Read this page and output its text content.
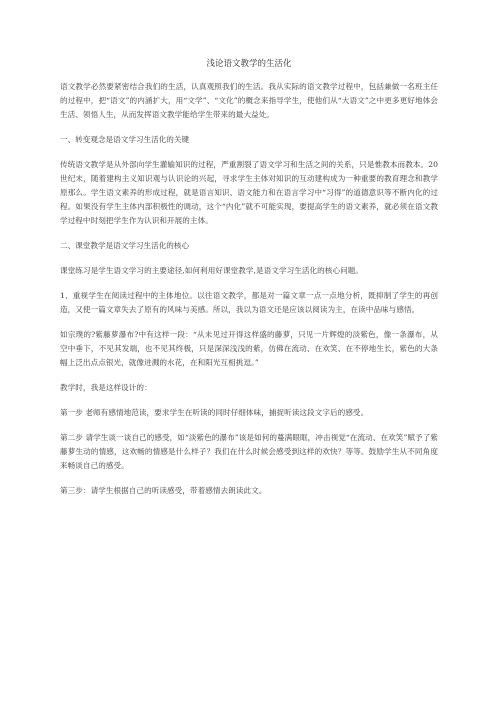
浅论语文教学的生活化

语文教学必然要紧密结合我们的生活，认真观照我们的生活。我从实际的语文教学过程中，包括兼做一名班主任的过程中，把“语文”的内涵扩大，用“文学”、“文化”的概念来指导学生，使他们从“大语文”之中更多更好地体会生活、领悟人生，从而发挥语文教学能给学生带来的最大益处。

一、转变观念是语文学习生活化的关键

传统语文教学是从外部向学生灌输知识的过程，严重割裂了语文学习和生活之间的关系，只是惟教本而教本。20 世纪末，随着建构主义知识观与认识论的兴起，寻求学生主体对知识的互动建构成为一种重要的教育理念和教学原那么。学生语文素养的形成过程，就是语言知识、语文能力和在语言学习中“习得”的道德意识等不断内化的过程。如果没有学生主体内部积极性的调动，这个“内化”就不可能实现，要提高学生的语文素养，就必须在语文教学过程中时刻把学生作为认识和开展的主体。

二、课堂教学是语文学习生活化的核心

课堂练习是学生语文学习的主要途径,如何利用好课堂教学,是语文学习生活化的核心问题。

1、重视学生在阅读过程中的主体地位。以往语文教学，都是对一篇文章一点一点地分析，既抑制了学生的再创造，又使一篇文章失去了原有的风味与美感。所以，我以为语文还是应该以阅读为主，在读中品味与感悟。

如宗璞的?紫藤萝瀑布?中有这样一段：“从未见过开得这样盛的藤萝，只见一片辉煌的淡紫色，像一条瀑布，从空中垂下，不见其发端，也不见其终极，只是深深浅浅的紫，仿佛在流动、在欢笑、在不停地生长，紫色的大条幅上泛出点点银光，就像迸溅的水花，在和阳光互相挑逗。”

教学时，我是这样设计的：

第一步 老师有感情地范读，要求学生在听读的同时仔细体味，捕捉听读这段文字后的感受。

第二步 请学生谈一谈自己的感受，如“淡紫色的瀑布”该是如何的蔓满眼眶，冲击视觉“在流动、在欢笑”赋予了紫藤萝生动的情感，这欢畅的情感是什么样子？我们在什么时候会感受到这样的欢快？等等。鼓励学生从不同角度来畅谈自己的感受。

第三步：请学生根据自己的听读感受，带着感情去朗读此文。
